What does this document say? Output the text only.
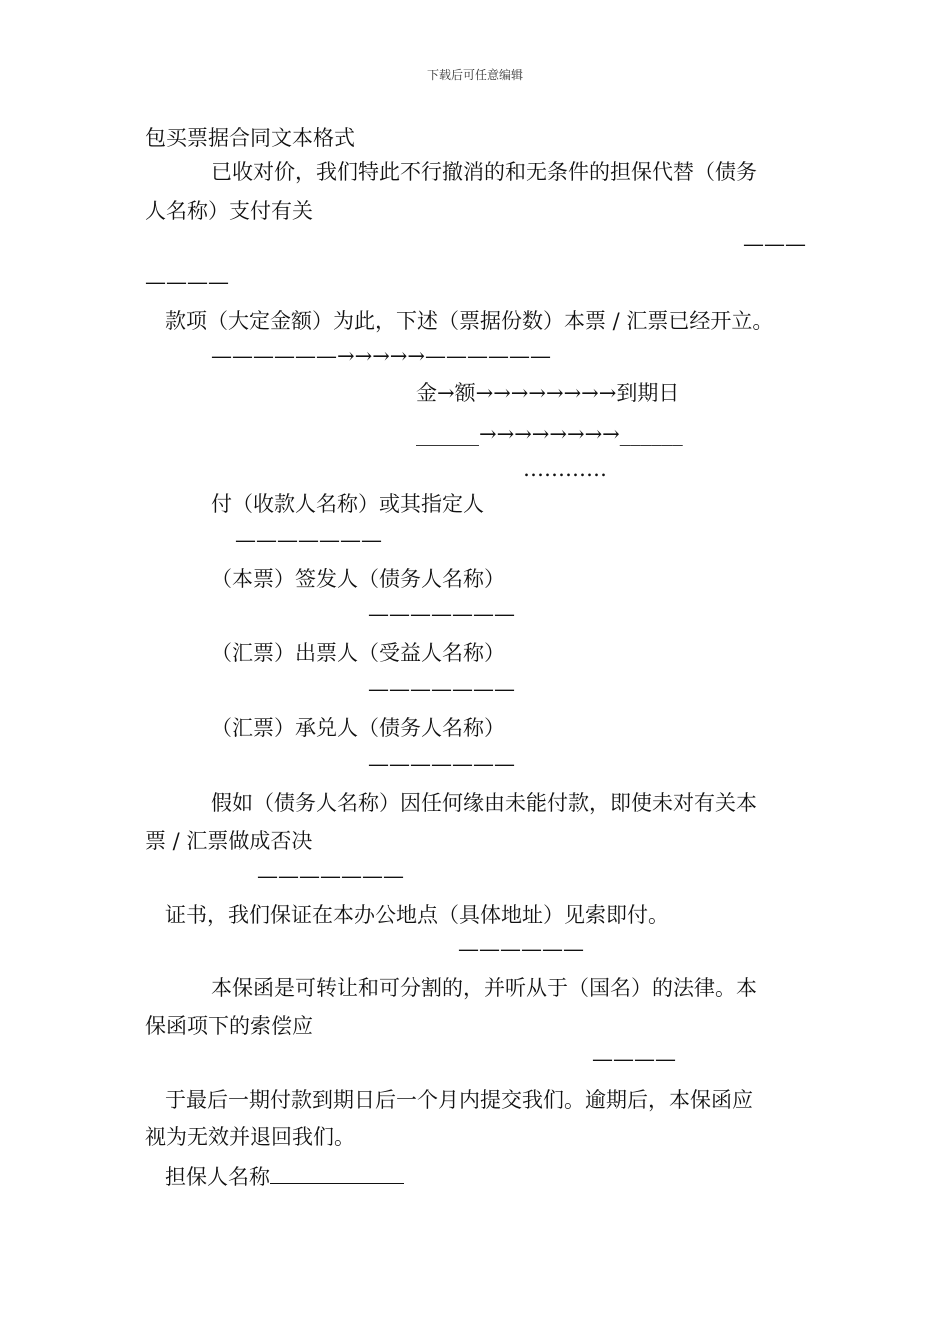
下载后可任意编辑
包买票据合同文本格式
已收对价，我们特此不行撤消的和无条件的担保代替（债务
人名称）支付有关
———
————
款项（大定金额）为此，下述（票据份数）本票 / 汇票已经开立。
——————→→→→→——————
金→额→→→→→→→→到期日
______→→→→→→→→______
…………
付（收款人名称）或其指定人
———————
（本票）签发人（债务人名称）
———————
（汇票）出票人（受益人名称）
———————
（汇票）承兑人（债务人名称）
———————
假如（债务人名称）因任何缘由未能付款，即使未对有关本
票 / 汇票做成否决
———————
证书，我们保证在本办公地点（具体地址）见索即付。
——————
本保函是可转让和可分割的，并听从于（国名）的法律。本
保函项下的索偿应
————
于最后一期付款到期日后一个月内提交我们。逾期后，本保函应
视为无效并退回我们。
担保人名称
